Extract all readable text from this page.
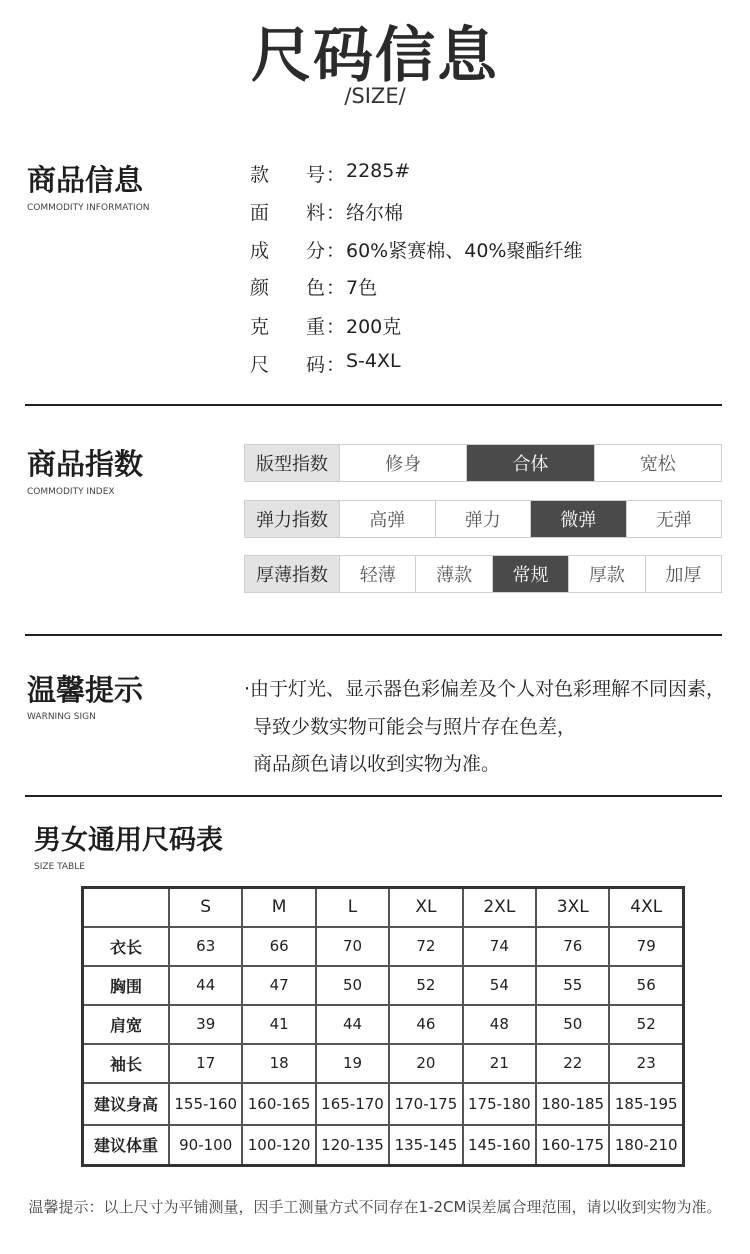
尺码信息
/SIZE/
商品信息
COMMODITY INFORMATION
款 号 ： 2285#
面 料 ： 络尔棉
成 分 ： 60%紧赛棉、40%聚酯纤维
颜 色 ： 7色
克 重 ： 200克
尺 码 ： S-4XL
商品指数
COMMODITY INDEX
版型指数	修身	合体	宽松
弹力指数	高弹	弹力	微弹	无弹
厚薄指数	轻薄	薄款	常规	厚款	加厚
温馨提示
WARNING SIGN
·由于灯光、显示器色彩偏差及个人对色彩理解不同因素，
导致少数实物可能会与照片存在色差，
商品颜色请以收到实物为准。
男女通用尺码表
SIZE TABLE
	S	M	L	XL	2XL	3XL	4XL
衣长	63	66	70	72	74	76	79
胸围	44	47	50	52	54	55	56
肩宽	39	41	44	46	48	50	52
袖长	17	18	19	20	21	22	23
建议身高	155-160	160-165	165-170	170-175	175-180	180-185	185-195
建议体重	90-100	100-120	120-135	135-145	145-160	160-175	180-210
温馨提示：以上尺寸为平铺测量，因手工测量方式不同存在1-2CM误差属合理范围，请以收到实物为准。
